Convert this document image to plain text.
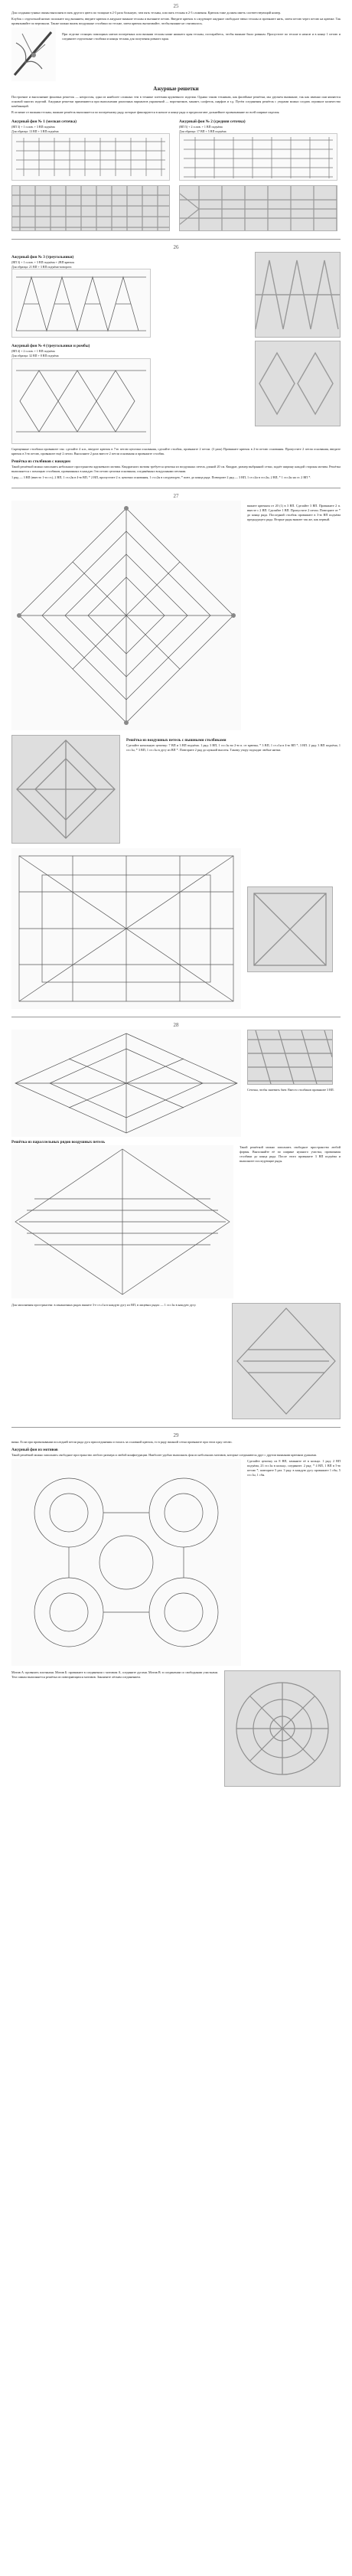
25

Для создания туника связан выполнен в пять другого цвета по толщине в 2-3 раза большую, чем пять тесьмы, или пять тесьмы в 2-3 сложения. Крючок тоже должен иметь соответствующий номер.

Клубок с отделочной нитью положите под вязанием, введите крючок в ажурное вязание тесьмы и вытяните петлю. Введите крючок в следующее ажурное свободное звено тесьмы и протяните нить, затем петлю через петлю на крючке. Так провязывайте по вертикали. Также можно вязать воздушные столбики по тесьме, затем крючок вытягивайте, чтобы вязание не стягивалось.

При отделке стоящих помощных нитью поперечных или вязании тесьмы ниже нижнего края тесьмы, постарайтесь, чтобы вязание было ровным. Пропустите по тесьме в начале и в конце 1 петлю и соедините отделочные столбики и концы тесьмы для получения ровного края.

Ажурные решетки

Построение и выполнение фоновых решеток — непростая, одна из наиболее сложных тем в технике плетения кружевного изделия. Однако таким техникам, как филейные решётки, мы уделяем внимание, так как именно они являются основой многих изделий. Ажурные решетки применяются при выполнении различных вариантов украшений — воротничков, манжет, салфеток, шарфов и т.д. Путём соединения решёток с узорами можно создать огромное количество комбинаций.

В отличие от вязания тесьмы, вязание решёток выполняется по поперечному ряду, которые фиксируются в начале и конце ряда и предполагают дальнейшее провязывание по всей ширине изделия.

Ажурный фон № 1 (мелкая сеточка)

(ВП 3) + 1 п.пов. + 3 ВП подъёма

Для образца: 13 ВП + 3 ВП подъёма

Ажурный фон № 2 (средняя сеточка)

(ВП 5) + 2 п.пов. + 1 ВП подъёма

Для образца: 17 ВП + 5 ВП подъёма

26
Ажурный фон № 3 (треугольники)

(ВП 3) + 1 п.пов. + 3 ВП подъёма + 2ВП крючок

Для образца: 21 ВП + 3 ВП подъёма-поворота

Ажурный фон № 4 (треугольники и ромбы)

(ВП 4) + 2 п.пов. + 1 ВП подъёма

Для образца: 32 ВП + 8 ВП подъёма

Скрещенные столбики провяжите так: сделайте 4 н.в., введите крючок в 7-ю петлю цепочки основания, сделайте столбик, провяжите 2 петли. (3 раза) Провяжите крючок в 2-ю петлю основания. Пропустите 2 петли основания, введите крючок в 3-ю петлю, провяжите ещё 2 петли. Выполните 2 раза вместе 2 петли основания и провяжите столбик.

Решётка из столбиков с накидом

Такой решёткой можно заполнить небольшое пространство кружевного мотива. Квадратного мотива требуется цепочка из воздушных петель длиной 20 см. Квадрат, размер выбранной сетки, задаёт ширину каждой стороны мотива. Решётка выполняется с помощью столбиков, провязанных в каждую 3-ю петлю цепочки основания, соединённых воздушными петлями.

1 ряд — 3 ВП (вместо 1-го ст.), 2 ВП, 1 ст.с2н в 4-ю ВП, * 2 ВП, пропустите 2 п. цепочки основания, 1 ст.с2н в следующую, * повт. до конца ряда. Повторите 2 ряд — 3 ВП, 1 ст.с2н в ст.с2н, 2 ВП, * 1 ст.с2н на ст. 2 ВП *.

27

вяжите крючком от 20 (1) в 3 ВП. Сделайте 3 ВП. Провяжите 2 п. вместе с 2 ВП. Сделайте 1 ВП. Пропустите 2 петли. Повторите от * до конца ряда. Последний столбик провяжите в 3-ю ВП подъёма предыдущего ряда. Вторые ряды вяжите так же, как первый.

Решётка из воздушных петель с пышными столбиками

Сделайте начальную цепочку: 7 ВП и 3 ВП подъёма. 1 ряд: 3 ВП, 1 ст.с1н во 2-ю п. от крючка, * 3 ВП, 1 ст.с1н в 4-ю ВП *, 3 ВП. 2 ряд: 3 ВП подъёма, 1 ст.с1н, * 3 ВП, 1 ст.с1н в дугу из ВП *. Повторите 2 ряд до нужной высоты. Такому узору подходят любые нитки.

28

Сеточка, чтобы заменить бант. Вместо столбиков провяжите 3 ВП.

Решётка из параллельных рядов воздушных петель

Такой решёткой можно заполнить свободное пространство любой формы. Выполняйте её по ширине нужного участка, провязывая столбики до конца ряда. После этого провяжите 3 ВП подъёма и выполните последующие ряды.

Для заполнения пространства: в изнаночных рядах вяжите 3-е ст.с1н в каждую дугу из ВП, в лицевых рядах — 1 ст.с1н в каждую дугу.

29

вязка. Если при провязывании последней петли ряда дуга присоединения осталась за основной крючок, то в ряду вязаной сетки провяжите при этом одну петлю.

Ажурный фон из мотивов

Такой решёткой можно заполнить свободное пространство любого размера и любой конфигурации. Наиболее удобно выполнять фон из небольших мотивов, которые соединяются друг с другом вязаными крючком дужками.

Сделайте цепочку из 8 ВП, замкните её в кольцо. 1 ряд: 2 ВП подъёма, 23 ст.с1н в кольцо, соедините. 2 ряд: * 4 ВП, 1 ВП в 5-ю петлю *, повторите 5 раз. 3 ряд: в каждую дугу провяжите 1 сбн, 5 ст.с1н, 1 сбн.

Мотив А: провязать плотными. Мотив Б: провяжите в соединении с мотивом А, соедините дугами. Мотив В: в соединении со свободными участками. Тем самым выполняется решётка из повторяющихся мотивов. Закончите лёгким соединением.
